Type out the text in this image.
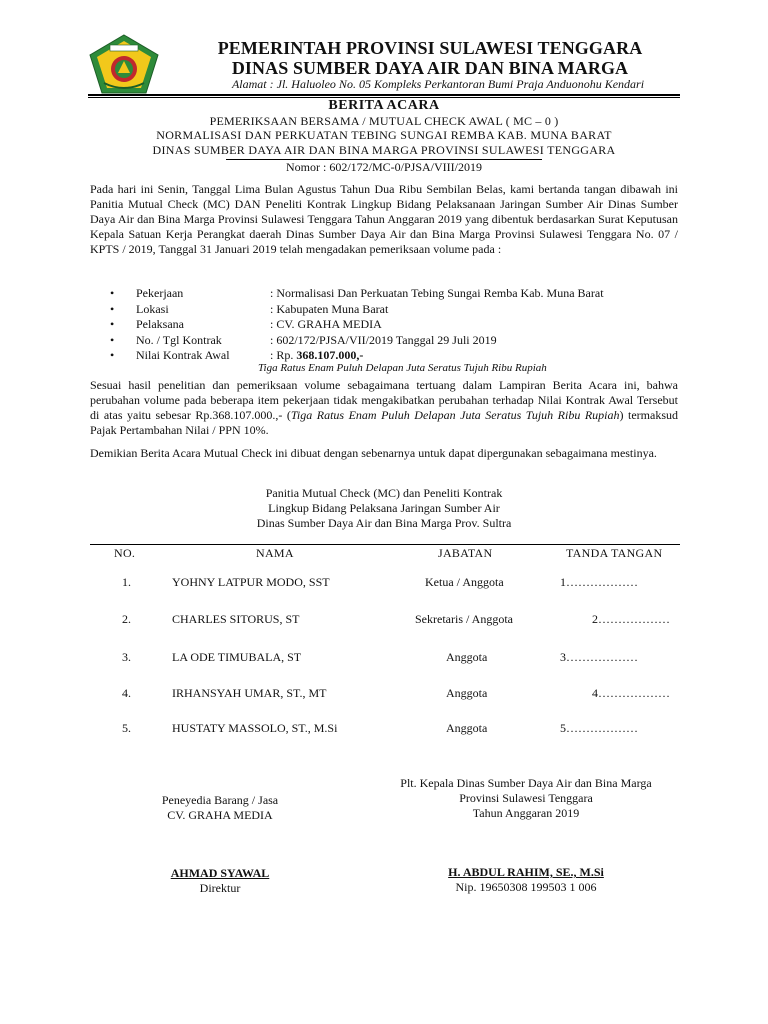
PEMERINTAH PROVINSI SULAWESI TENGGARA
DINAS SUMBER DAYA AIR DAN BINA MARGA
Alamat : Jl. Haluoleo No. 05 Kompleks Perkantoran Bumi Praja Anduonohu Kendari
BERITA ACARA
PEMERIKSAAN BERSAMA / MUTUAL CHECK AWAL ( MC – 0 )
NORMALISASI DAN PERKUATAN TEBING SUNGAI REMBA KAB. MUNA BARAT
DINAS SUMBER DAYA AIR DAN BINA MARGA PROVINSI SULAWESI TENGGARA
Nomor : 602/172/MC-0/PJSA/VIII/2019
Pada hari ini Senin, Tanggal Lima Bulan Agustus Tahun Dua Ribu Sembilan Belas, kami bertanda tangan dibawah ini Panitia Mutual Check (MC) DAN Peneliti Kontrak Lingkup Bidang Pelaksanaan Jaringan Sumber Air Dinas Sumber Daya Air dan Bina Marga Provinsi Sulawesi Tenggara Tahun Anggaran 2019 yang dibentuk berdasarkan Surat Keputusan Kepala Satuan Kerja Perangkat daerah Dinas Sumber Daya Air dan Bina Marga Provinsi Sulawesi Tenggara No. 07 / KPTS / 2019, Tanggal 31 Januari 2019 telah mengadakan pemeriksaan volume pada :
• Pekerjaan	: Normalisasi Dan Perkuatan Tebing Sungai Remba Kab. Muna Barat
• Lokasi	: Kabupaten Muna Barat
• Pelaksana	: CV. GRAHA MEDIA
• No. / Tgl Kontrak	: 602/172/PJSA/VII/2019 Tanggal 29 Juli 2019
• Nilai Kontrak Awal	: Rp. 368.107.000,-
Tiga Ratus Enam Puluh Delapan Juta Seratus Tujuh Ribu Rupiah
Sesuai hasil penelitian dan pemeriksaan volume sebagaimana tertuang dalam Lampiran Berita Acara ini, bahwa perubahan volume pada beberapa item pekerjaan tidak mengakibatkan perubahan terhadap Nilai Kontrak Awal Tersebut di atas yaitu sebesar Rp.368.107.000.,- (Tiga Ratus Enam Puluh Delapan Juta Seratus Tujuh Ribu Rupiah) termaksud Pajak Pertambahan Nilai / PPN 10%.
Demikian Berita Acara Mutual Check ini dibuat dengan sebenarnya untuk dapat dipergunakan sebagaimana mestinya.
Panitia Mutual Check (MC) dan Peneliti Kontrak
Lingkup Bidang Pelaksana Jaringan Sumber Air
Dinas Sumber Daya Air dan Bina Marga Prov. Sultra
NO.	NAMA	JABATAN	TANDA TANGAN
1.	YOHNY LATPUR MODO, SST	Ketua / Anggota	1………………
2.	CHARLES SITORUS, ST	Sekretaris / Anggota	2………………
3.	LA ODE TIMUBALA, ST	Anggota	3………………
4.	IRHANSYAH UMAR, ST., MT	Anggota	4………………
5.	HUSTATY MASSOLO, ST., M.Si	Anggota	5………………
Plt. Kepala Dinas Sumber Daya Air dan Bina Marga
Provinsi Sulawesi Tenggara
Tahun Anggaran 2019
Peneyedia Barang / Jasa
CV. GRAHA MEDIA
AHMAD SYAWAL
Direktur
H. ABDUL RAHIM, SE., M.Si
Nip. 19650308 199503 1 006
